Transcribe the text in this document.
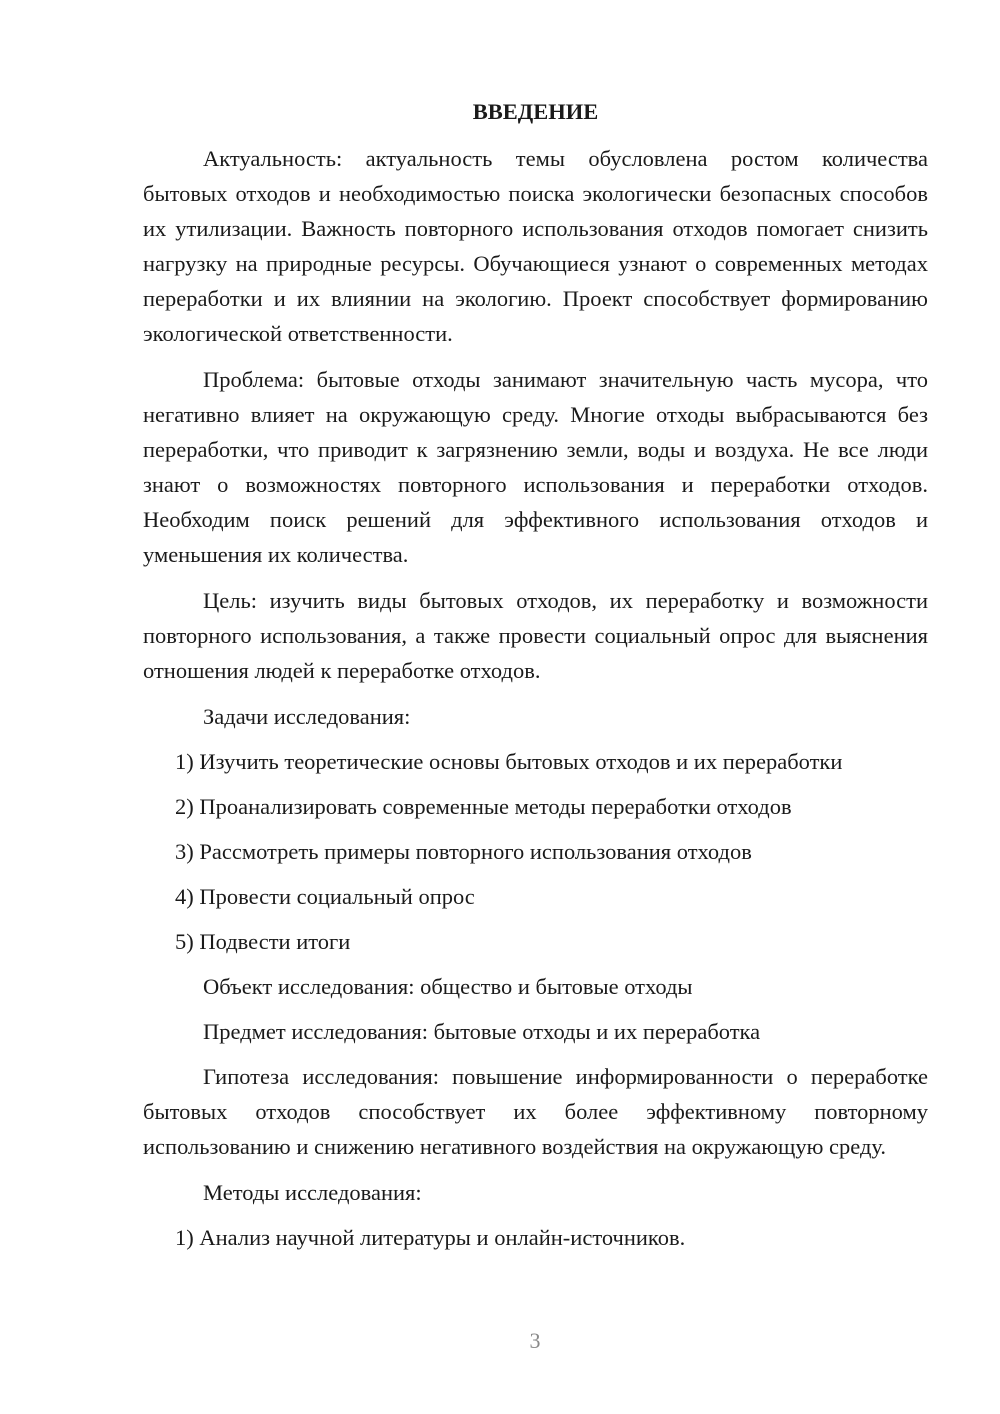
ВВЕДЕНИЕ

Актуальность: актуальность темы обусловлена ростом количества бытовых отходов и необходимостью поиска экологически безопасных способов их утилизации. Важность повторного использования отходов помогает снизить нагрузку на природные ресурсы. Обучающиеся узнают о современных методах переработки и их влиянии на экологию. Проект способствует формированию экологической ответственности.

Проблема: бытовые отходы занимают значительную часть мусора, что негативно влияет на окружающую среду. Многие отходы выбрасываются без переработки, что приводит к загрязнению земли, воды и воздуха. Не все люди знают о возможностях повторного использования и переработки отходов. Необходим поиск решений для эффективного использования отходов и уменьшения их количества.

Цель: изучить виды бытовых отходов, их переработку и возможности повторного использования, а также провести социальный опрос для выяснения отношения людей к переработке отходов.

Задачи исследования:
1) Изучить теоретические основы бытовых отходов и их переработки
2) Проанализировать современные методы переработки отходов
3) Рассмотреть примеры повторного использования отходов
4) Провести социальный опрос
5) Подвести итоги
Объект исследования: общество и бытовые отходы
Предмет исследования: бытовые отходы и их переработка

Гипотеза исследования: повышение информированности о переработке бытовых отходов способствует их более эффективному повторному использованию и снижению негативного воздействия на окружающую среду.

Методы исследования:
1) Анализ научной литературы и онлайн-источников.
3
